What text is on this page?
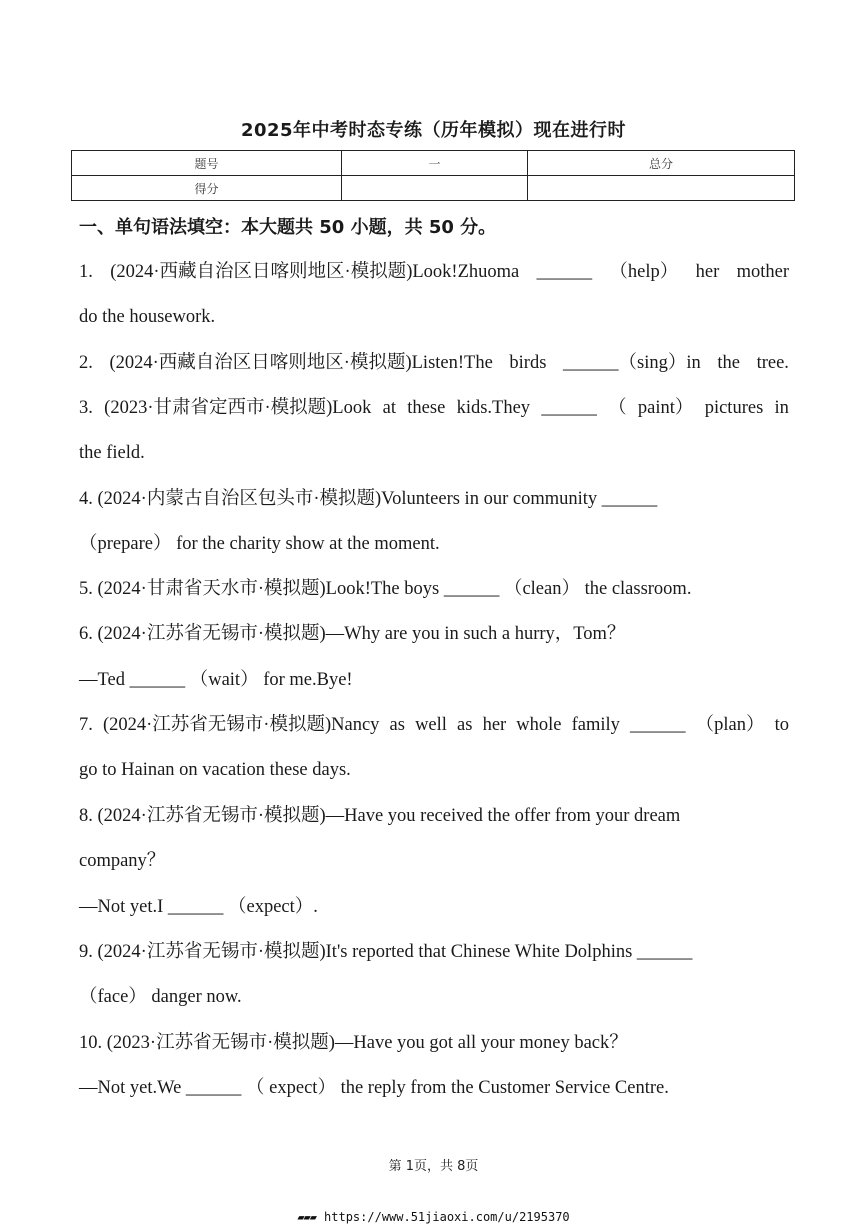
2025年中考时态专练（历年模拟）现在进行时
题号	一	总分
得分		
一、单句语法填空：本大题共 50 小题，共 50 分。
1. (2024·西藏自治区日喀则地区·模拟题)Look!Zhuoma ______ （help） her mother
do the housework.
2. (2024·西藏自治区日喀则地区·模拟题)Listen!The birds ______（sing）in the tree.
3. (2023·甘肃省定西市·模拟题)Look at these kids.They ______ （ paint） pictures in
the field.
4. (2024·内蒙古自治区包头市·模拟题)Volunteers in our community ______
（prepare） for the charity show at the moment.
5. (2024·甘肃省天水市·模拟题)Look!The boys ______ （clean） the classroom.
6. (2024·江苏省无锡市·模拟题)—Why are you in such a hurry，Tom？
—Ted ______ （wait） for me.Bye!
7. (2024·江苏省无锡市·模拟题)Nancy as well as her whole family ______ （plan） to
go to Hainan on vacation these days.
8. (2024·江苏省无锡市·模拟题)—Have you received the offer from your dream
company？
—Not yet.I ______ （expect）.
9. (2024·江苏省无锡市·模拟题)It's reported that Chinese White Dolphins ______
（face） danger now.
10. (2023·江苏省无锡市·模拟题)—Have you got all your money back？
—Not yet.We ______ （ expect） the reply from the Customer Service Centre.
第 1页，共 8页
▰▰▰ https://www.51jiaoxi.com/u/2195370
